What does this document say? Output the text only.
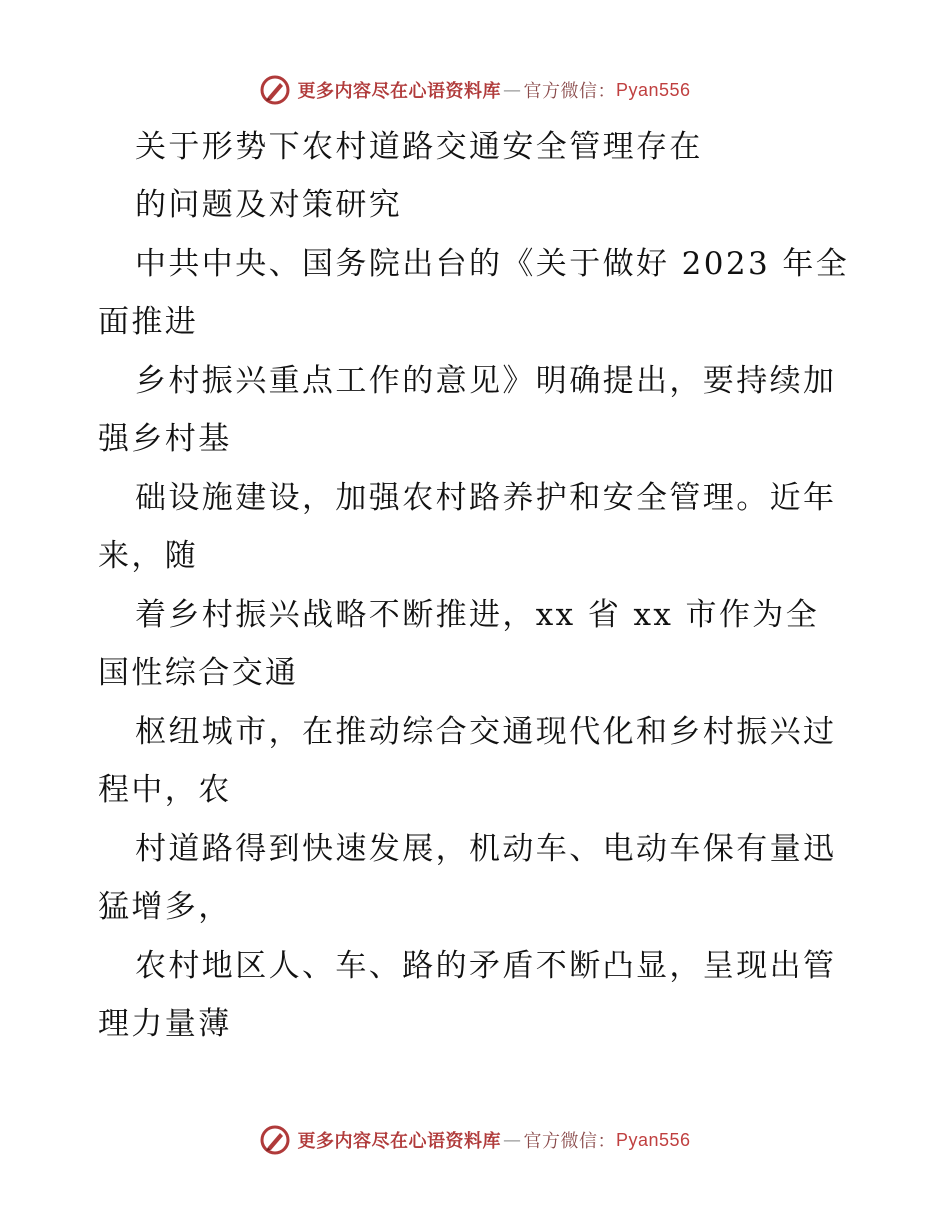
更多内容尽在心语资料库 — 官方微信： Pyan556
关于形势下农村道路交通安全管理存在
的问题及对策研究
中共中央、国务院出台的《关于做好 2023 年全
面推进
乡村振兴重点工作的意见》明确提出，要持续加
强乡村基
础设施建设，加强农村路养护和安全管理。近年
来，随
着乡村振兴战略不断推进，xx 省 xx 市作为全
国性综合交通
枢纽城市，在推动综合交通现代化和乡村振兴过
程中，农
村道路得到快速发展，机动车、电动车保有量迅
猛增多，
农村地区人、车、路的矛盾不断凸显，呈现出管
理力量薄
更多内容尽在心语资料库 — 官方微信： Pyan556
